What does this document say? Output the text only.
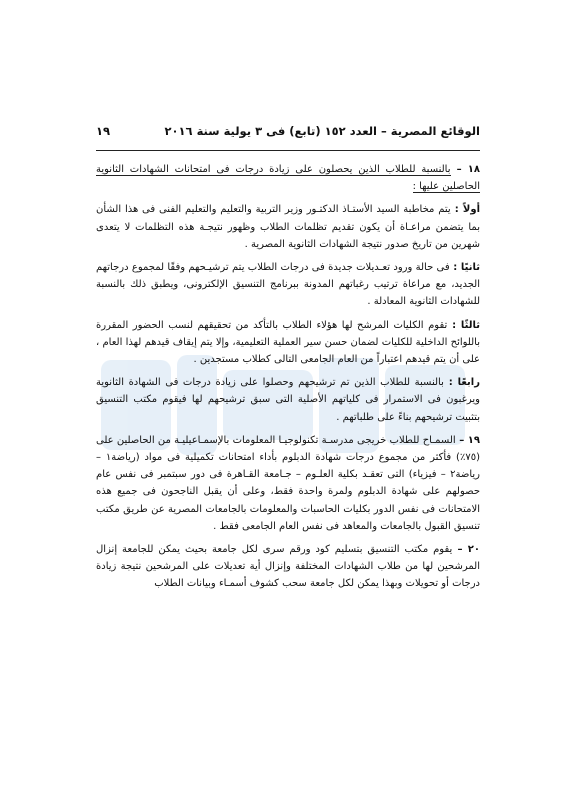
الوقائع المصرية – العدد ١٥٢ (تابع) فى ٣ يولية سنة ٢٠١٦
١٩

١٨ – بالنسبة للطلاب الذين يحصلون على زيادة درجات فى امتحانات الشهادات الثانوية الحاصلين عليها :

أولاً : يتم مخاطبة السيد الأستـاذ الدكتـور وزير التربية والتعليم والتعليم الفنى فى هذا الشأن بما يتضمن مراعـاة أن يكون تقديم تظلمات الطلاب وظهور نتيجـة هذه التظلمات لا يتعدى شهرين من تاريخ صدور نتيجة الشهادات الثانوية المصرية .

ثانيًا : فى حالة ورود تعـديلات جديدة فى درجات الطلاب يتم ترشيـحهم وفقًا لمجموع درجاتهم الجديد، مع مراعاة ترتيب رغباتهم المدونة ببرنامج التنسيق الإلكترونى، ويطبق ذلك بالنسبة للشهادات الثانوية المعادلة .

ثالثًا : تقوم الكليات المرشح لها هؤلاء الطلاب بالتأكد من تحقيقهم لنسب الحضور المقررة باللوائح الداخلية للكليات لضمان حسن سير العملية التعليمية، وإلا يتم إيقاف قيدهم لهذا العام ، على أن يتم قيدهم اعتباراً من العام الجامعى التالى كطلاب مستجدين .

رابعًا : بالنسبة للطلاب الذين تم ترشيحهم وحصلوا على زيادة درجات فى الشهادة الثانوية ويرغبون فى الاستمرار فى كلياتهم الأصلية التى سبق ترشيحهم لها فيقوم مكتب التنسيق بتثبيت ترشيحهم بناءً على طلباتهم .

١٩ – السمـاح للطلاب خريجى مدرسـة تكنولوجيـا المعلومات بالإسمـاعيليـة من الحاصلين على (٧٥٪) فأكثر من مجموع درجات شهادة الدبلوم بأداء امتحانات تكميلية فى مواد (رياضة١ – رياضة٢ – فيزياء) التى تعقـد بكلية العلـوم – جـامعة القـاهرة فى دور سبتمبر فى نفس عام حصولهم على شهادة الدبلوم ولمرة واحدة فقط، وعلى أن يقبل الناجحون فى جميع هذه الامتحانات فى نفس الدور بكليات الحاسبات والمعلومات بالجامعات المصرية عن طريق مكتب تنسيق القبول بالجامعات والمعاهد فى نفس العام الجامعى فقط .

٢٠ – يقوم مكتب التنسيق بتسليم كود ورقم سرى لكل جامعة بحيث يمكن للجامعة إنزال المرشحين لها من طلاب الشهادات المختلفة وإنزال أية تعديلات على المرشحين نتيجة زيادة درجات أو تحويلات وبهذا يمكن لكل جامعة سحب كشوف أسمـاء وبيانات الطلاب
